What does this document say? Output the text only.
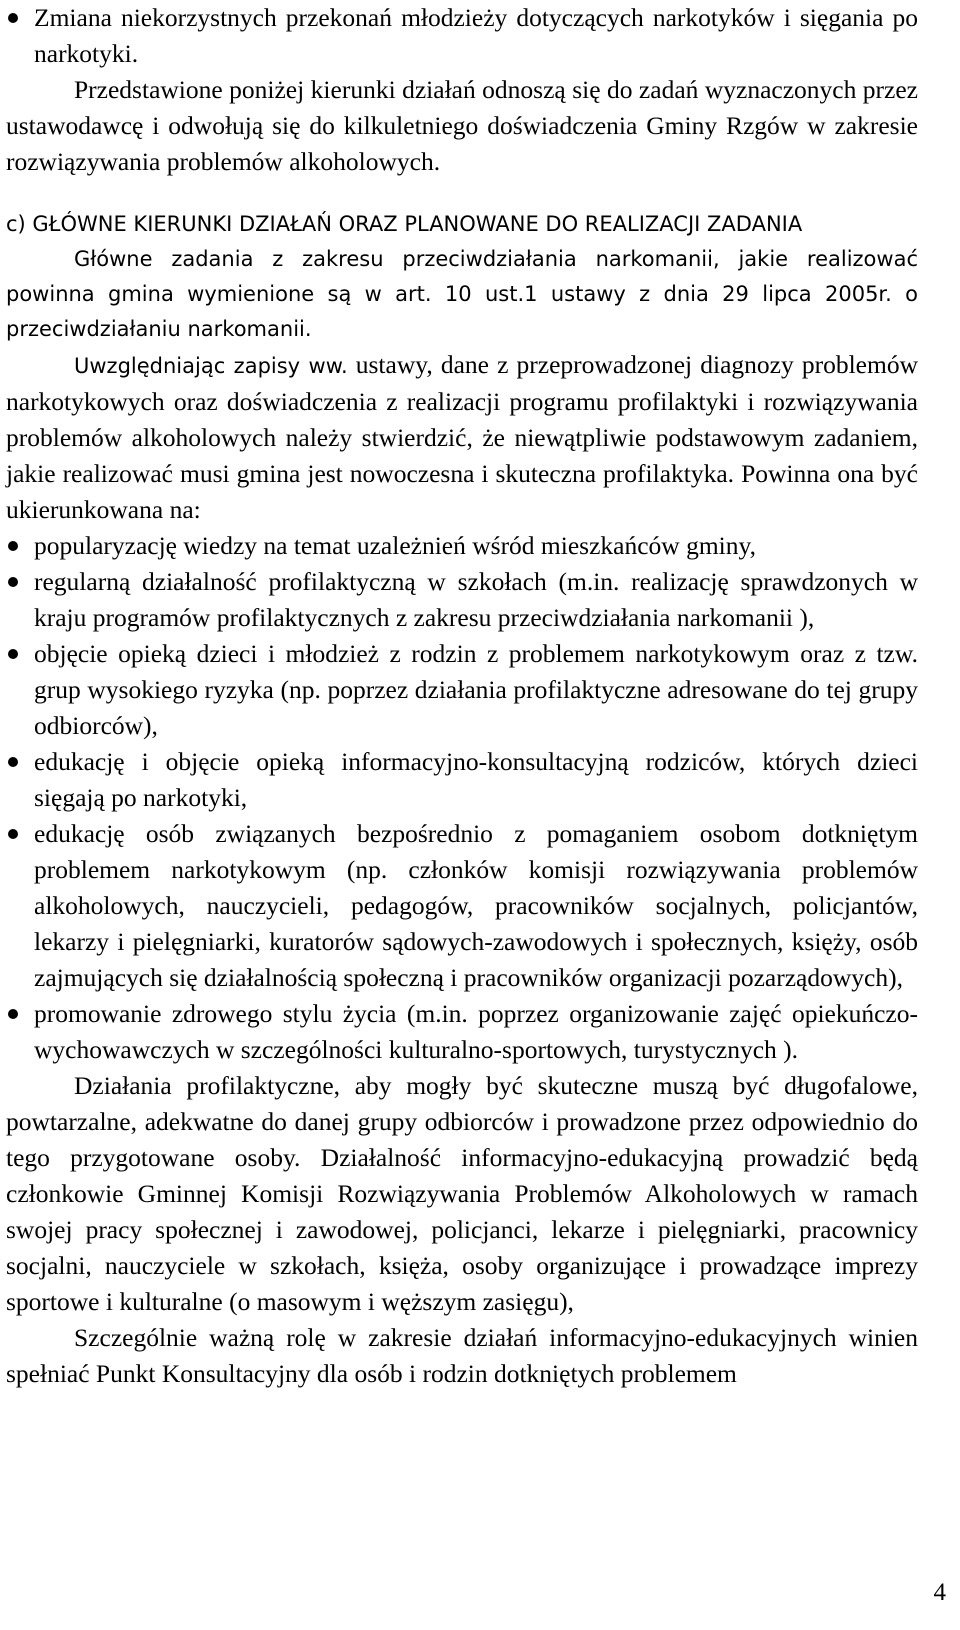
Zmiana niekorzystnych przekonań młodzieży dotyczących narkotyków i sięgania po narkotyki.

Przedstawione poniżej kierunki działań odnoszą się do zadań wyznaczonych przez ustawodawcę i odwołują się do kilkuletniego doświadczenia Gminy Rzgów w zakresie rozwiązywania problemów alkoholowych.

c) GŁÓWNE KIERUNKI DZIAŁAŃ ORAZ PLANOWANE DO REALIZACJI ZADANIA

Główne zadania z zakresu przeciwdziałania narkomanii, jakie realizować powinna gmina wymienione są w art. 10 ust.1 ustawy z dnia 29 lipca 2005r. o przeciwdziałaniu narkomanii.

Uwzględniając zapisy ww. ustawy, dane z przeprowadzonej diagnozy problemów narkotykowych oraz doświadczenia z realizacji programu profilaktyki i rozwiązywania problemów alkoholowych należy stwierdzić, że niewątpliwie podstawowym zadaniem, jakie realizować musi gmina jest nowoczesna i skuteczna profilaktyka. Powinna ona być ukierunkowana na:

popularyzację wiedzy na temat uzależnień wśród mieszkańców gminy,
regularną działalność profilaktyczną w szkołach (m.in. realizację sprawdzonych w kraju programów profilaktycznych z zakresu przeciwdziałania narkomanii ),
objęcie opieką dzieci i młodzież z rodzin z problemem narkotykowym oraz z tzw. grup wysokiego ryzyka (np. poprzez działania profilaktyczne adresowane do tej grupy odbiorców),
edukację i objęcie opieką informacyjno-konsultacyjną rodziców, których dzieci sięgają po narkotyki,
edukację osób związanych bezpośrednio z pomaganiem osobom dotkniętym problemem narkotykowym (np. członków komisji rozwiązywania problemów alkoholowych, nauczycieli, pedagogów, pracowników socjalnych, policjantów, lekarzy i pielęgniarki, kuratorów sądowych-zawodowych i społecznych, księży, osób zajmujących się działalnością społeczną i pracowników organizacji pozarządowych),
promowanie zdrowego stylu życia (m.in. poprzez organizowanie zajęć opiekuńczo-wychowawczych w szczególności kulturalno-sportowych, turystycznych ).

Działania profilaktyczne, aby mogły być skuteczne muszą być długofalowe, powtarzalne, adekwatne do danej grupy odbiorców i prowadzone przez odpowiednio do tego przygotowane osoby. Działalność informacyjno-edukacyjną prowadzić będą członkowie Gminnej Komisji Rozwiązywania Problemów Alkoholowych w ramach swojej pracy społecznej i zawodowej, policjanci, lekarze i pielęgniarki, pracownicy socjalni, nauczyciele w szkołach, księża, osoby organizujące i prowadzące imprezy sportowe i kulturalne (o masowym i węższym zasięgu),

Szczególnie ważną rolę w zakresie działań informacyjno-edukacyjnych winien spełniać Punkt Konsultacyjny dla osób i rodzin dotkniętych problemem

4
